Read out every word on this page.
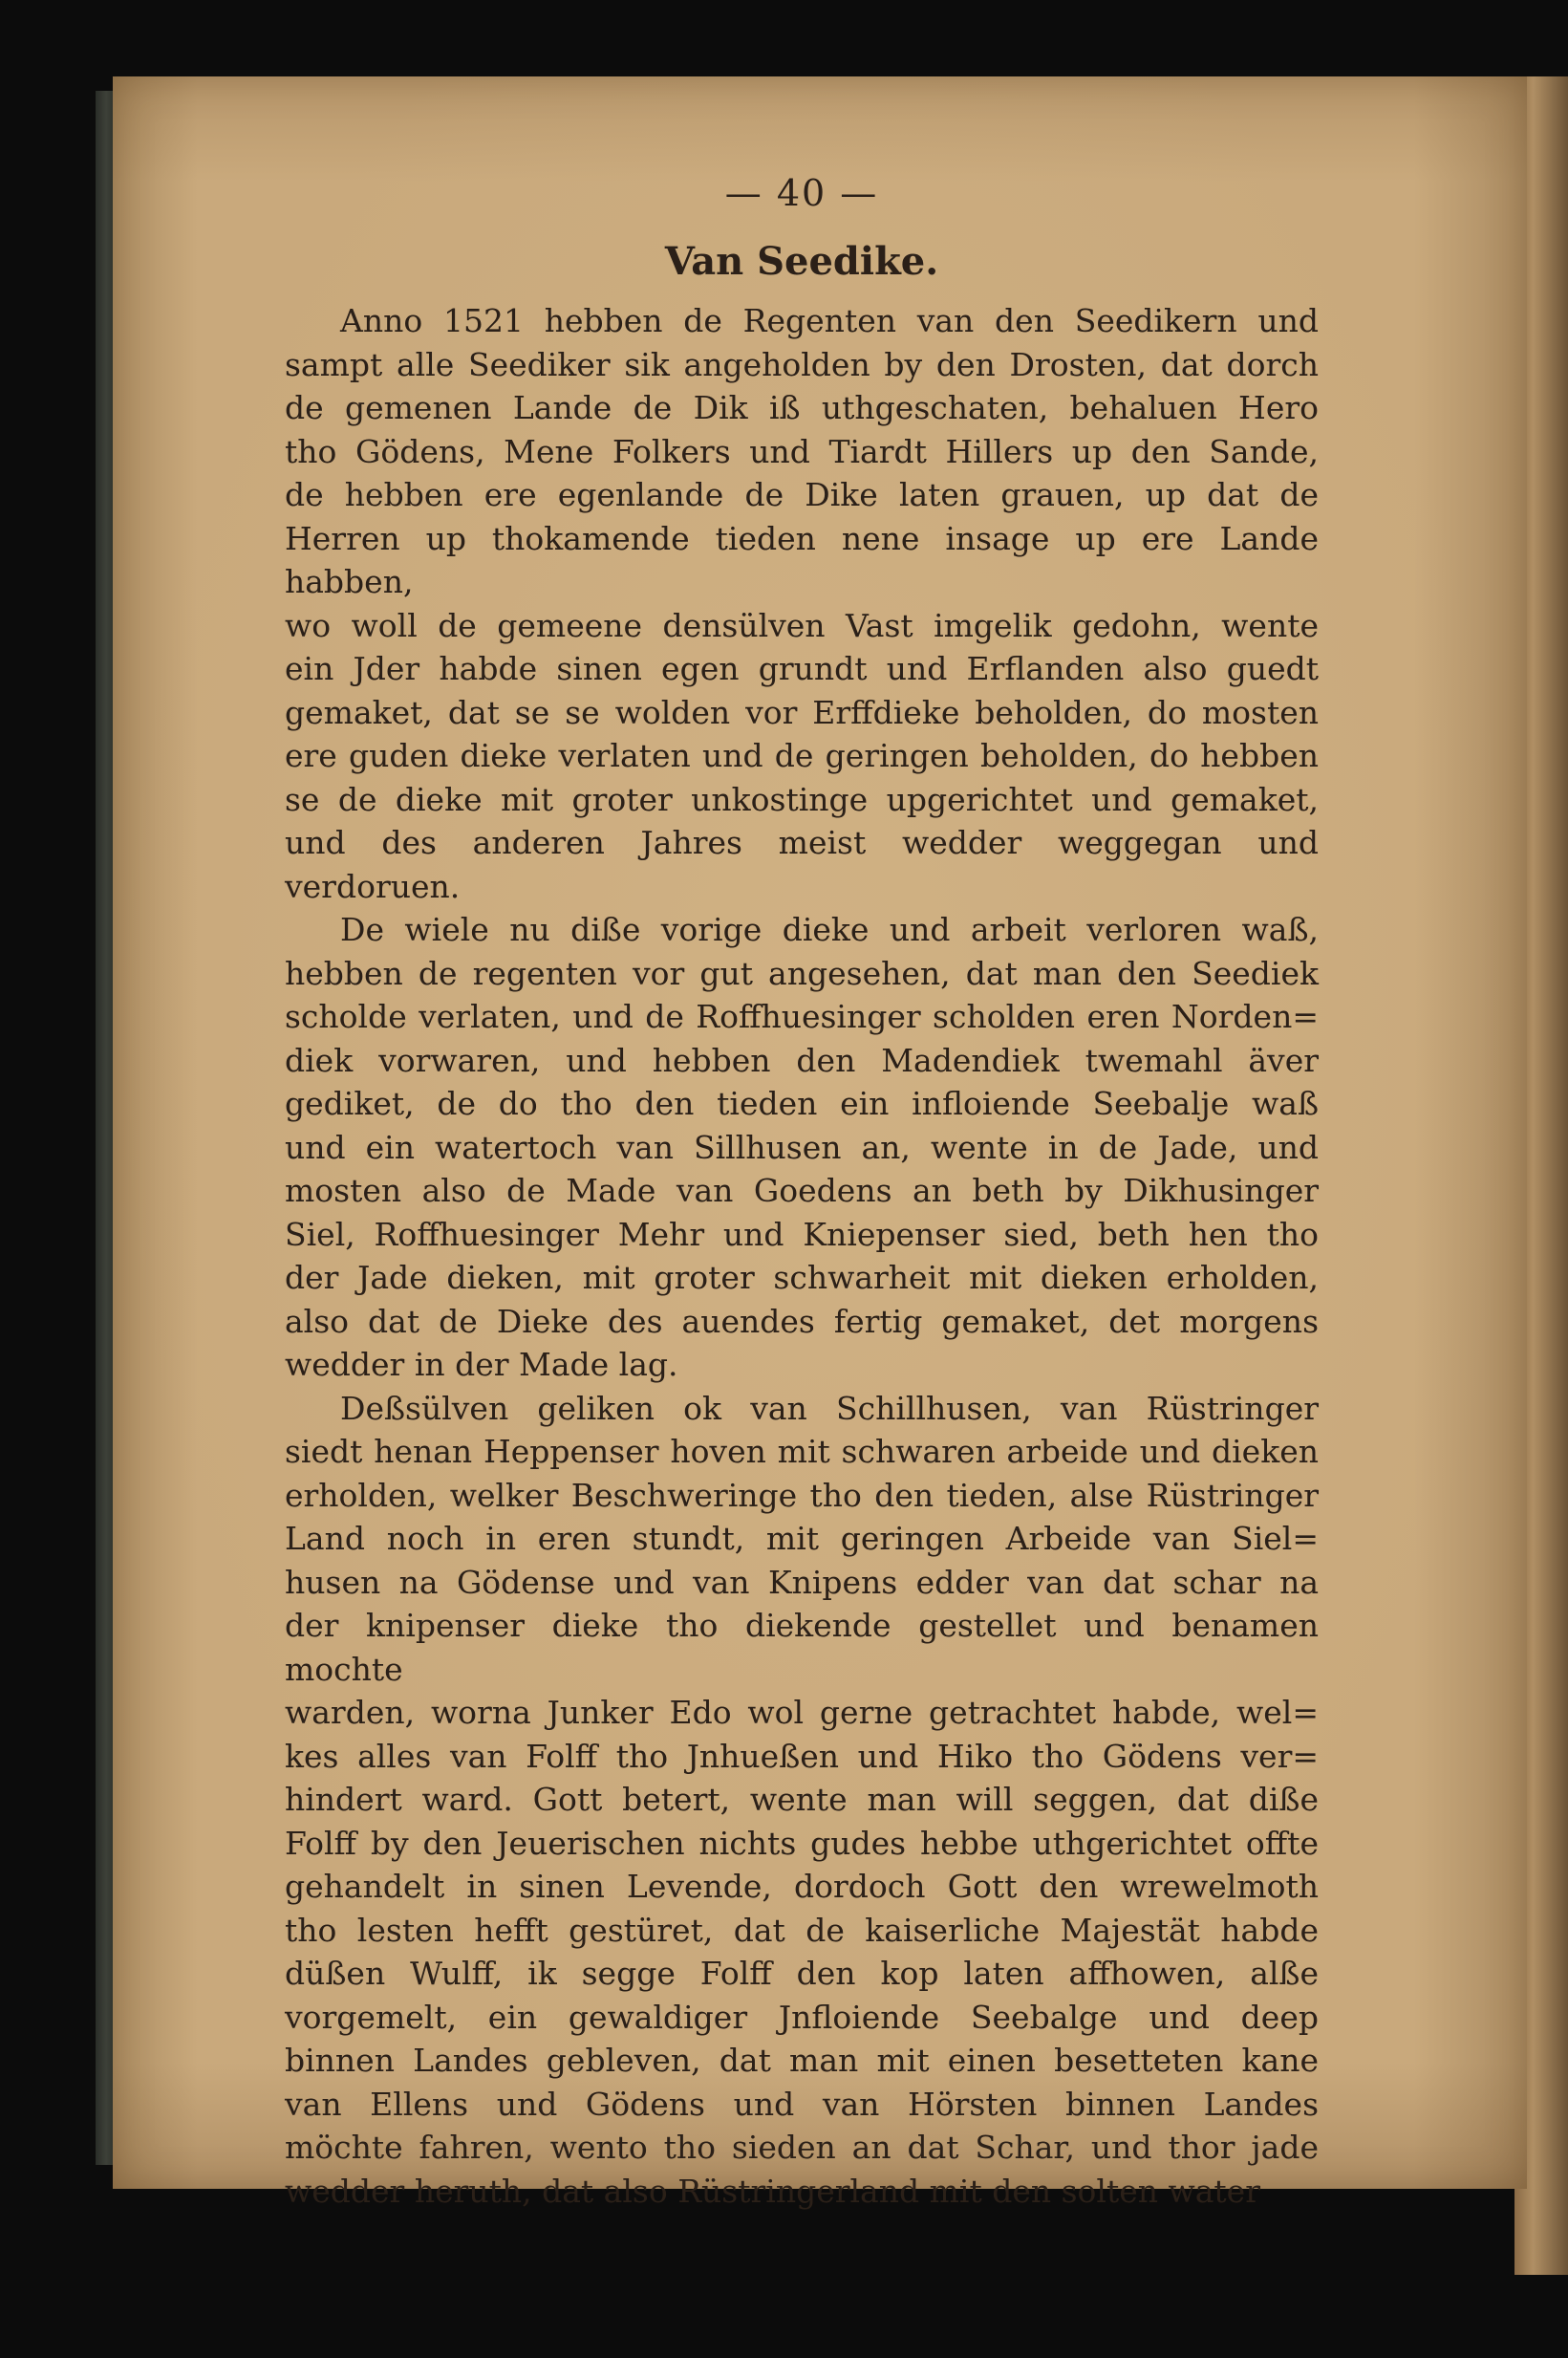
— 40 —
Van Seedike.
Anno 1521 hebben de Regenten van den Seedikern und
sampt alle Seediker sik angeholden by den Drosten, dat dorch
de gemenen Lande de Dik iß uthgeschaten, behaluen Hero
tho Gödens, Mene Folkers und Tiardt Hillers up den Sande,
de hebben ere egenlande de Dike laten grauen, up dat de
Herren up thokamende tieden nene insage up ere Lande habben,
wo woll de gemeene densülven Vast imgelik gedohn, wente
ein Jder habde sinen egen grundt und Erflanden also guedt
gemaket, dat se se wolden vor Erffdieke beholden, do mosten
ere guden dieke verlaten und de geringen beholden, do hebben
se de dieke mit groter unkostinge upgerichtet und gemaket,
und des anderen Jahres meist wedder weggegan und verdoruen.
De wiele nu dißе vorige dieke und arbeit verloren waß,
hebben de regenten vor gut angesehen, dat man den Seediek
scholde verlaten, und de Roffhuesinger scholden eren Norden=
diek vorwaren, und hebben den Madendiek twemahl äver
gediket, de do tho den tieden ein infloiende Seebalje waß
und ein watertoch van Sillhusen an, wente in de Jade, und
mosten also de Made van Goedens an beth by Dikhusinger
Siel, Roffhuesinger Mehr und Kniepenser sied, beth hen tho
der Jade dieken, mit groter schwarheit mit dieken erholden,
also dat de Dieke des auendes fertig gemaket, det morgens
wedder in der Made lag.
Deßsülven geliken ok van Schillhusen, van Rüstringer
siedt henan Heppenser hoven mit schwaren arbeide und dieken
erholden, welker Beschweringe tho den tieden, alse Rüstringer
Land noch in eren stundt, mit geringen Arbeide van Siel=
husen na Gödense und van Knipens edder van dat schar na
der knipenser dieke tho diekende gestellet und benamen mochte
warden, worna Junker Edo wol gerne getrachtet habde, wel=
kes alles van Folff tho Jnhueßen und Hiko tho Gödens ver=
hindert ward. Gott betert, wente man will seggen, dat diße
Folff by den Jeuerischen nichts gudes hebbe uthgerichtet offte
gehandelt in sinen Levende, dordoch Gott den wrewelmoth
tho lesten hefft gestüret, dat de kaiserliche Majestät habde
düßen Wulff, ik segge Folff den kop laten affhowen, alße
vorgemelt, ein gewaldiger Jnfloiende Seebalge und deep
binnen Landes gebleven, dat man mit einen besetteten kane
van Ellens und Gödens und van Hörsten binnen Landes
möchte fahren, wento tho sieden an dat Schar, und thor jade
wedder heruth, dat also Rüstringerland mit den solten water
